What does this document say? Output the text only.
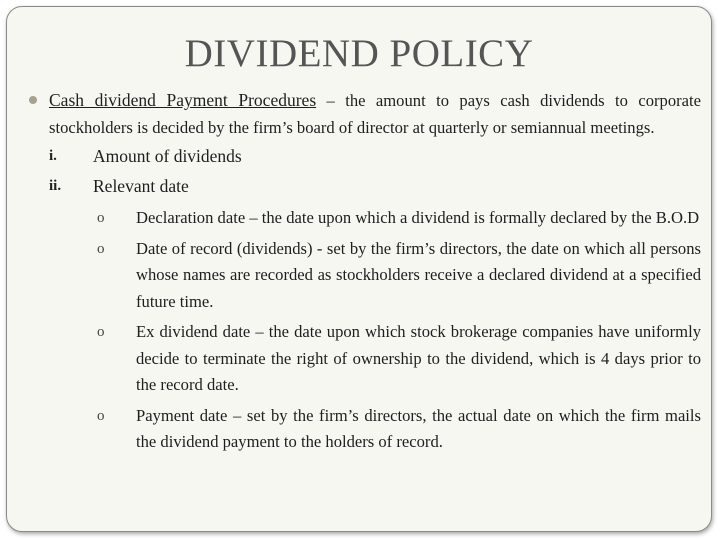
DIVIDEND POLICY
Cash dividend Payment Procedures – the amount to pays cash dividends to corporate stockholders is decided by the firm’s board of director at quarterly or semiannual meetings.
i. Amount of dividends
ii. Relevant date
o Declaration date – the date upon which a dividend is formally declared by the B.O.D
o Date of record (dividends) - set by the firm’s directors, the date on which all persons whose names are recorded as stockholders receive a declared dividend at a specified future time.
o Ex dividend date – the date upon which stock brokerage companies have uniformly decide to terminate the right of ownership to the dividend, which is 4 days prior to the record date.
o Payment date – set by the firm’s directors, the actual date on which the firm mails the dividend payment to the holders of record.
